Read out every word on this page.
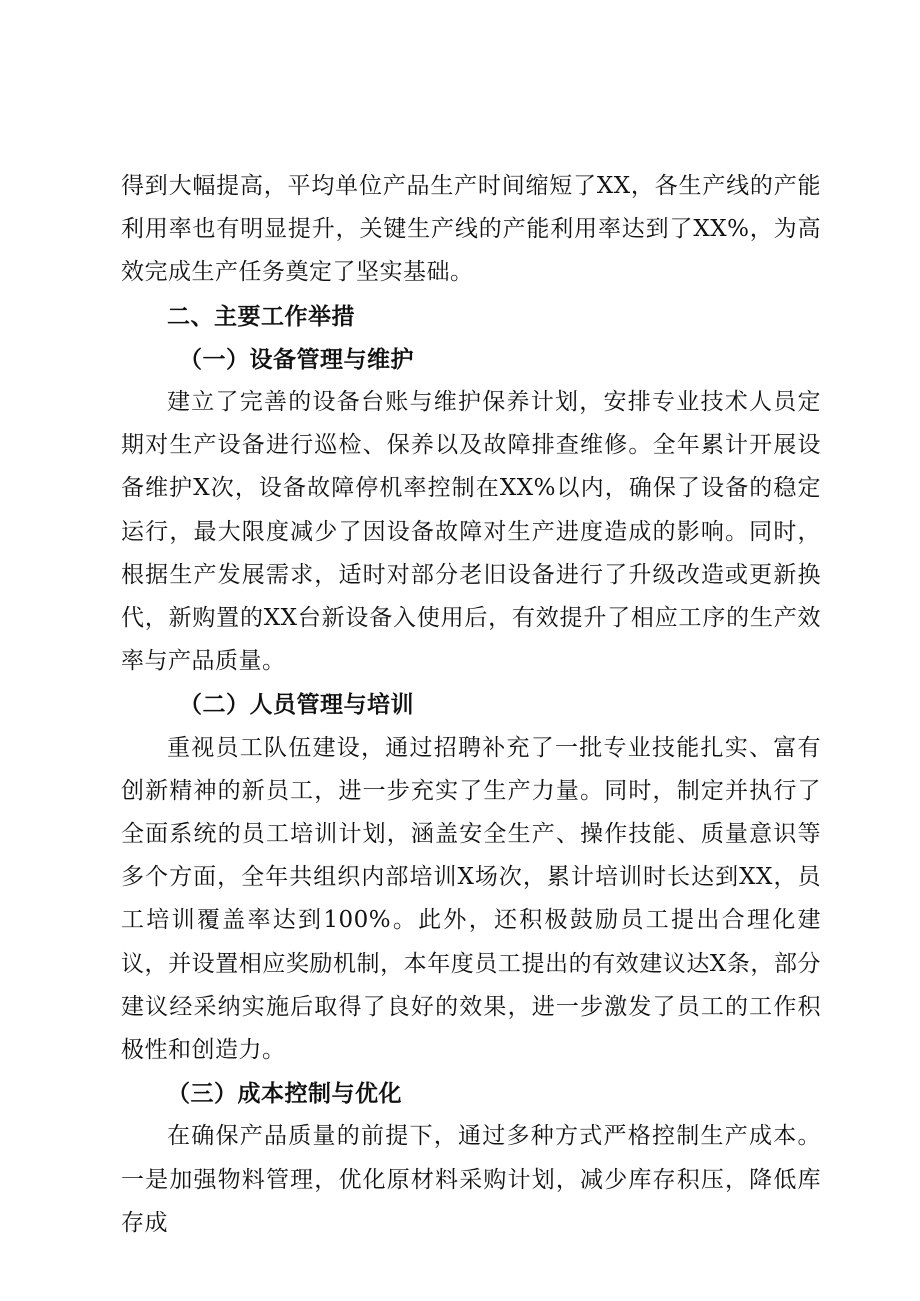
得到大幅提高，平均单位产品生产时间缩短了XX，各生产线的产能利用率也有明显提升，关键生产线的产能利用率达到了XX%，为高效完成生产任务奠定了坚实基础。

二、主要工作举措

（一）设备管理与维护

建立了完善的设备台账与维护保养计划，安排专业技术人员定期对生产设备进行巡检、保养以及故障排查维修。全年累计开展设备维护X次，设备故障停机率控制在XX%以内，确保了设备的稳定运行，最大限度减少了因设备故障对生产进度造成的影响。同时，根据生产发展需求，适时对部分老旧设备进行了升级改造或更新换代，新购置的XX台新设备入使用后，有效提升了相应工序的生产效率与产品质量。

（二）人员管理与培训

重视员工队伍建设，通过招聘补充了一批专业技能扎实、富有创新精神的新员工，进一步充实了生产力量。同时，制定并执行了全面系统的员工培训计划，涵盖安全生产、操作技能、质量意识等多个方面，全年共组织内部培训X场次，累计培训时长达到XX，员工培训覆盖率达到100%。此外，还积极鼓励员工提出合理化建议，并设置相应奖励机制，本年度员工提出的有效建议达X条，部分建议经采纳实施后取得了良好的效果，进一步激发了员工的工作积极性和创造力。

（三）成本控制与优化

在确保产品质量的前提下，通过多种方式严格控制生产成本。一是加强物料管理，优化原材料采购计划，减少库存积压，降低库存成
